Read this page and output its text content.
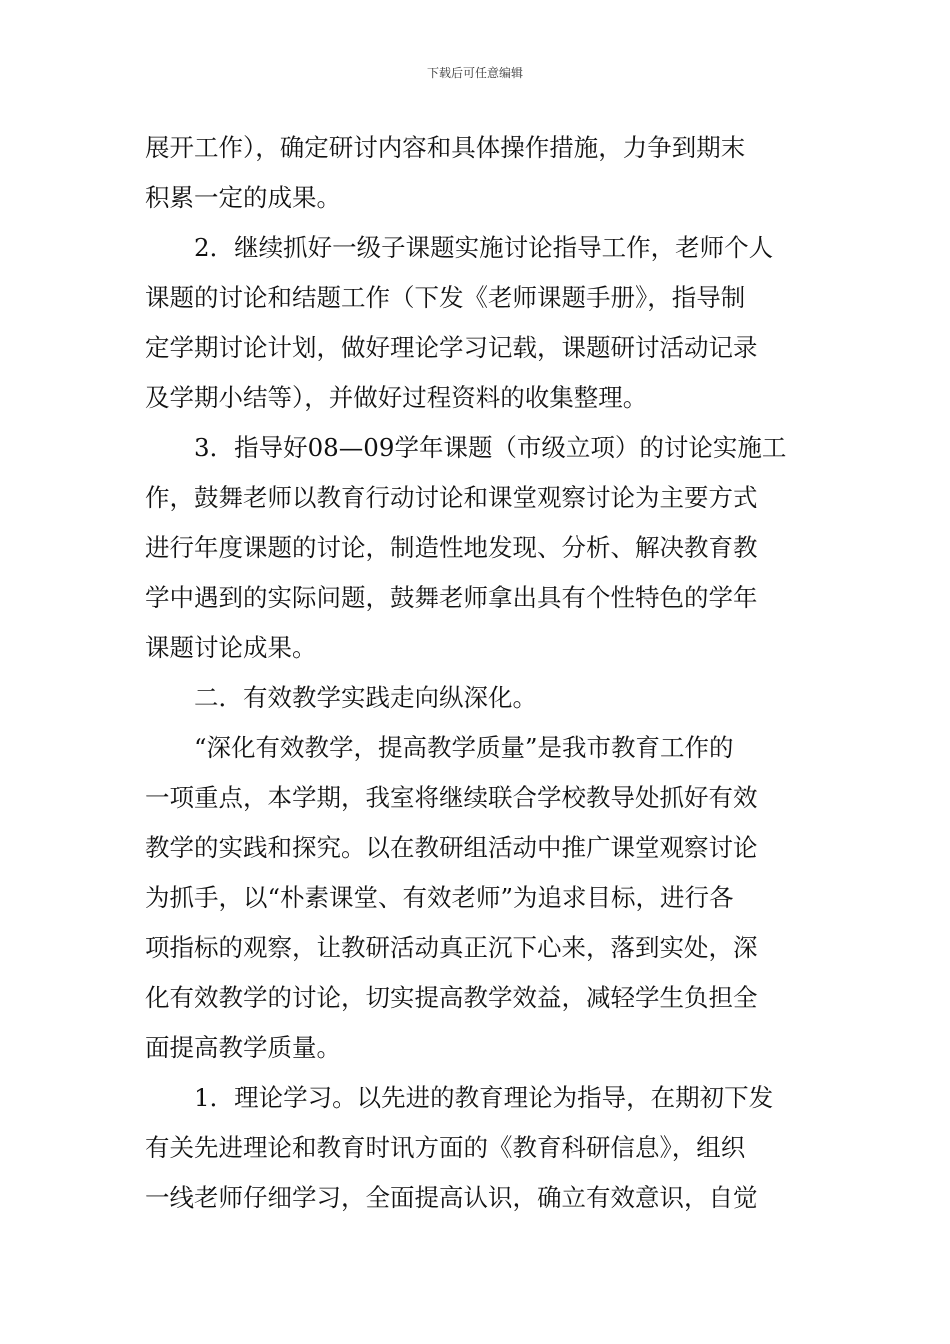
下载后可任意编辑
展开工作），确定研讨内容和具体操作措施，力争到期末
积累一定的成果。
2．继续抓好一级子课题实施讨论指导工作，老师个人
课题的讨论和结题工作（下发《老师课题手册》，指导制
定学期讨论计划，做好理论学习记载，课题研讨活动记录
及学期小结等），并做好过程资料的收集整理。
3．指导好08—09学年课题（市级立项）的讨论实施工
作，鼓舞老师以教育行动讨论和课堂观察讨论为主要方式
进行年度课题的讨论，制造性地发现、分析、解决教育教
学中遇到的实际问题，鼓舞老师拿出具有个性特色的学年
课题讨论成果。
二．有效教学实践走向纵深化。
“深化有效教学，提高教学质量”是我市教育工作的
一项重点，本学期，我室将继续联合学校教导处抓好有效
教学的实践和探究。以在教研组活动中推广课堂观察讨论
为抓手，以“朴素课堂、有效老师”为追求目标，进行各
项指标的观察，让教研活动真正沉下心来，落到实处，深
化有效教学的讨论，切实提高教学效益，减轻学生负担全
面提高教学质量。
1．理论学习。以先进的教育理论为指导，在期初下发
有关先进理论和教育时讯方面的《教育科研信息》，组织
一线老师仔细学习，全面提高认识，确立有效意识，自觉
